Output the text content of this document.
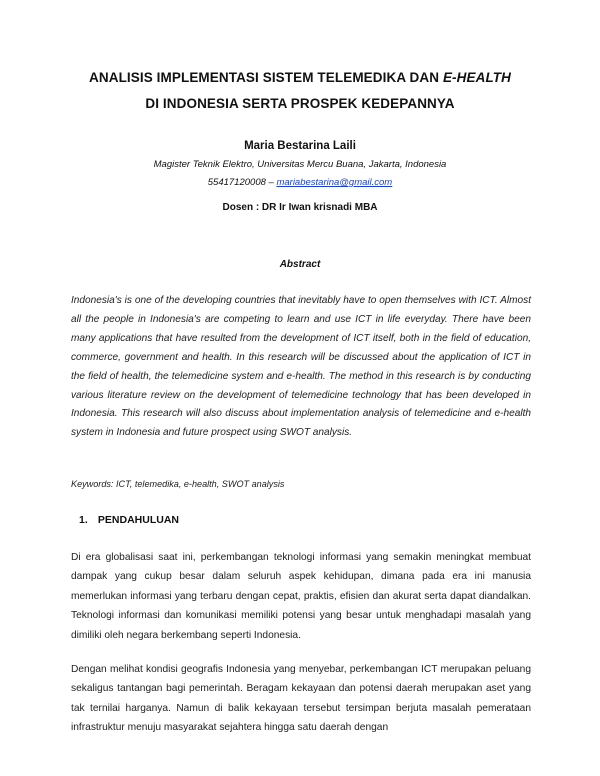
ANALISIS IMPLEMENTASI SISTEM TELEMEDIKA DAN E-HEALTH
DI INDONESIA SERTA PROSPEK KEDEPANNYA
Maria Bestarina Laili
Magister Teknik Elektro, Universitas Mercu Buana, Jakarta, Indonesia
55417120008 – mariabestarina@gmail.com
Dosen : DR Ir Iwan krisnadi MBA
Abstract
Indonesia's is one of the developing countries that inevitably have to open themselves with ICT. Almost all the people in Indonesia's are competing to learn and use ICT in life everyday. There have been many applications that have resulted from the development of ICT itself, both in the field of education, commerce, government and health. In this research will be discussed about the application of ICT in the field of health, the telemedicine system and e-health. The method in this research is by conducting various literature review on the development of telemedicine technology that has been developed in Indonesia. This research will also discuss about implementation analysis of telemedicine and e-health system in Indonesia and future prospect using SWOT analysis.
Keywords: ICT, telemedika, e-health, SWOT analysis
1. PENDAHULUAN
Di era globalisasi saat ini, perkembangan teknologi informasi yang semakin meningkat membuat dampak yang cukup besar dalam seluruh aspek kehidupan, dimana pada era ini manusia memerlukan informasi yang terbaru dengan cepat, praktis, efisien dan akurat serta dapat diandalkan. Teknologi informasi dan komunikasi memiliki potensi yang besar untuk menghadapi masalah yang dimiliki oleh negara berkembang seperti Indonesia.
Dengan melihat kondisi geografis Indonesia yang menyebar, perkembangan ICT merupakan peluang sekaligus tantangan bagi pemerintah. Beragam kekayaan dan potensi daerah merupakan aset yang tak ternilai harganya. Namun di balik kekayaan tersebut tersimpan berjuta masalah pemerataan infrastruktur menuju masyarakat sejahtera hingga satu daerah dengan
